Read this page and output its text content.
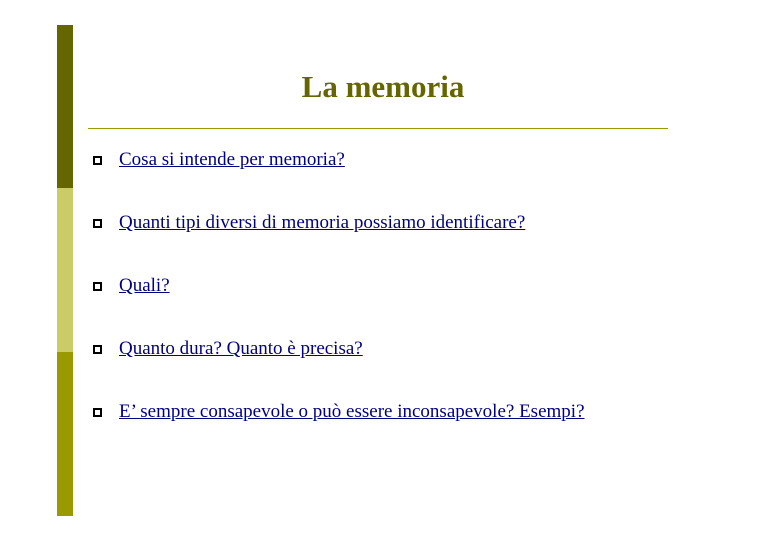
La memoria
Cosa si intende per memoria?
Quanti tipi diversi di memoria possiamo identificare?
Quali?
Quanto dura? Quanto è precisa?
E’ sempre consapevole o può essere inconsapevole? Esempi?
